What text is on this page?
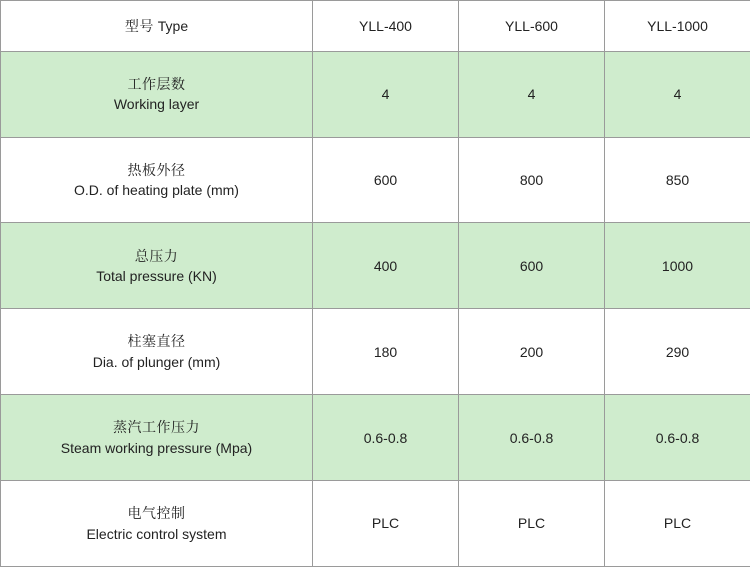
型号 Type	YLL-400	YLL-600	YLL-1000

工作层数
Working layer	4	4	4

热板外径
O.D. of heating plate (mm)	600	800	850

总压力
Total pressure (KN)	400	600	1000

柱塞直径
Dia. of plunger (mm)	180	200	290

蒸汽工作压力
Steam working pressure (Mpa)	0.6-0.8	0.6-0.8	0.6-0.8

电气控制
Electric control system	PLC	PLC	PLC
